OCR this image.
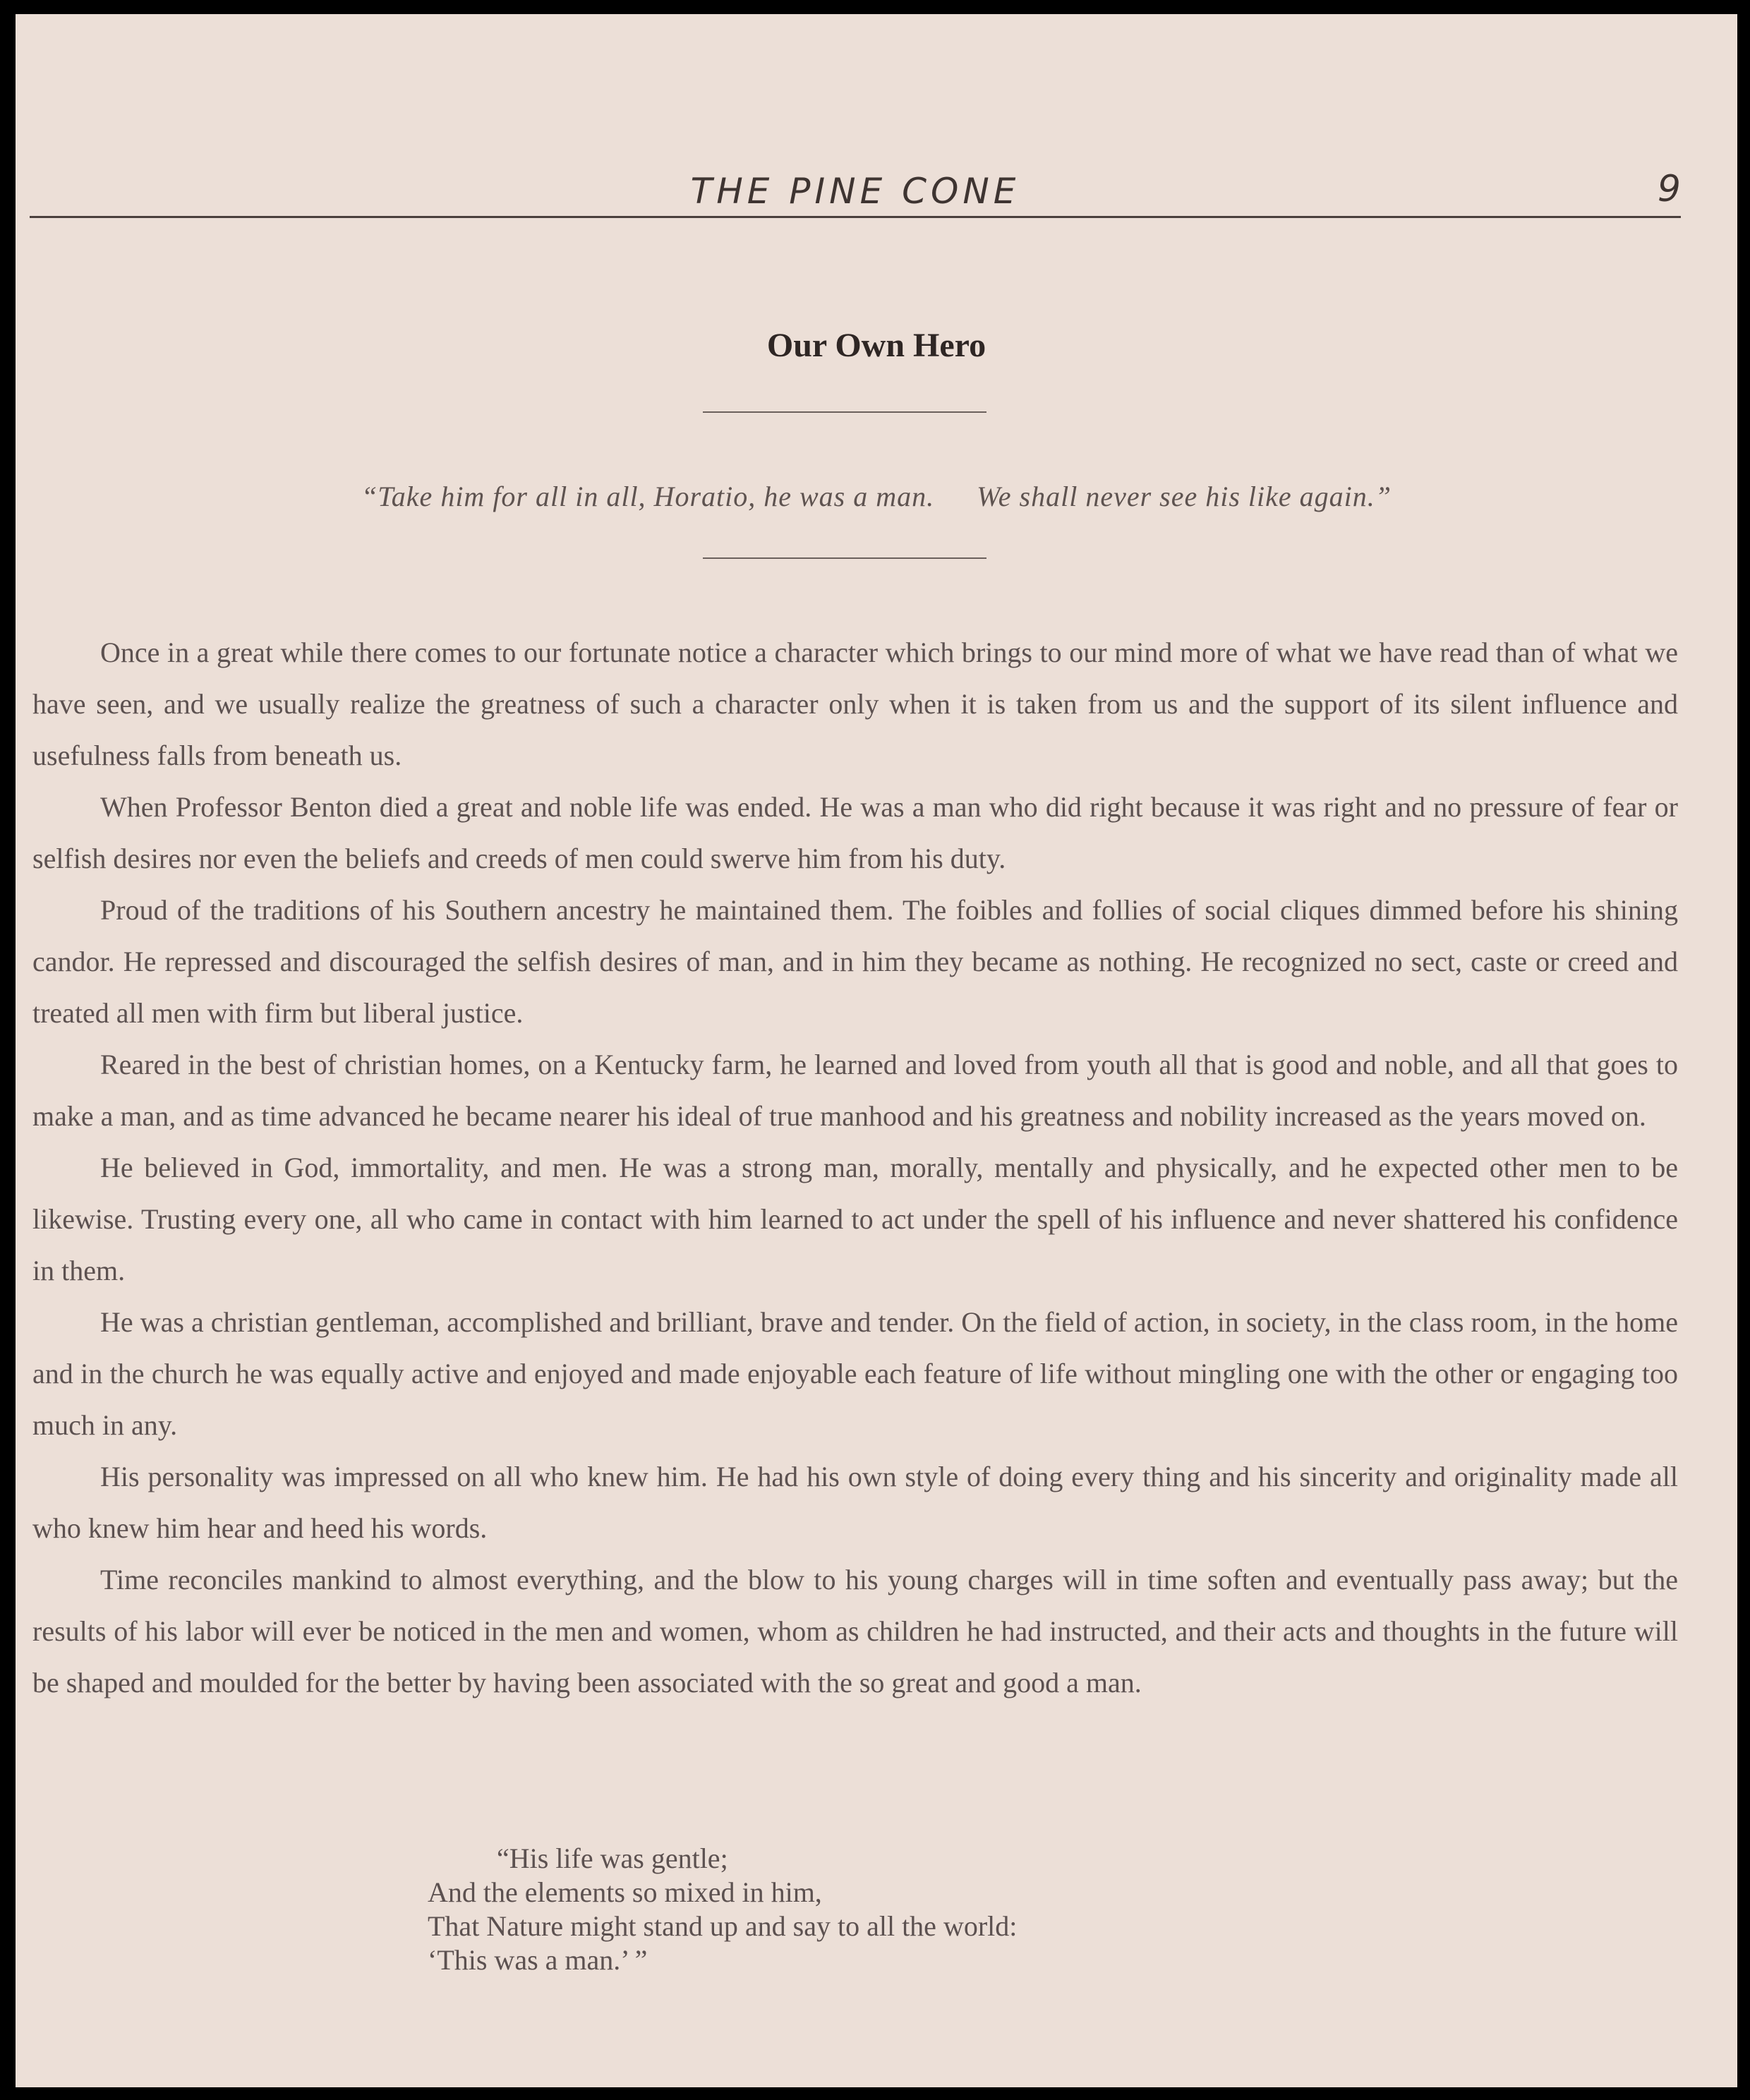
THE PINE CONE	9
Our Own Hero
“Take him for all in all, Horatio, he was a man. We shall never see his like again.”

Once in a great while there comes to our fortunate notice a character which brings to our mind more of what we have read than of what we have seen, and we usually realize the greatness of such a character only when it is taken from us and the support of its silent influence and usefulness falls from beneath us.

When Professor Benton died a great and noble life was ended. He was a man who did right because it was right and no pressure of fear or selfish desires nor even the beliefs and creeds of men could swerve him from his duty.

Proud of the traditions of his Southern ancestry he maintained them. The foibles and follies of social cliques dimmed before his shining candor. He repressed and discouraged the selfish desires of man, and in him they became as nothing. He recognized no sect, caste or creed and treated all men with firm but liberal justice.

Reared in the best of christian homes, on a Kentucky farm, he learned and loved from youth all that is good and noble, and all that goes to make a man, and as time advanced he became nearer his ideal of true manhood and his greatness and nobility increased as the years moved on.

He believed in God, immortality, and men. He was a strong man, morally, mentally and physically, and he expected other men to be likewise. Trusting every one, all who came in contact with him learned to act under the spell of his influence and never shattered his confidence in them.

He was a christian gentleman, accomplished and brilliant, brave and tender. On the field of action, in society, in the class room, in the home and in the church he was equally active and enjoyed and made enjoyable each feature of life without mingling one with the other or engaging too much in any.

His personality was impressed on all who knew him. He had his own style of doing every thing and his sincerity and originality made all who knew him hear and heed his words.

Time reconciles mankind to almost everything, and the blow to his young charges will in time soften and eventually pass away; but the results of his labor will ever be noticed in the men and women, whom as children he had instructed, and their acts and thoughts in the future will be shaped and moulded for the better by having been associated with the so great and good a man.

“His life was gentle;
And the elements so mixed in him,
That Nature might stand up and say to all the world:
‘This was a man.’ ”
